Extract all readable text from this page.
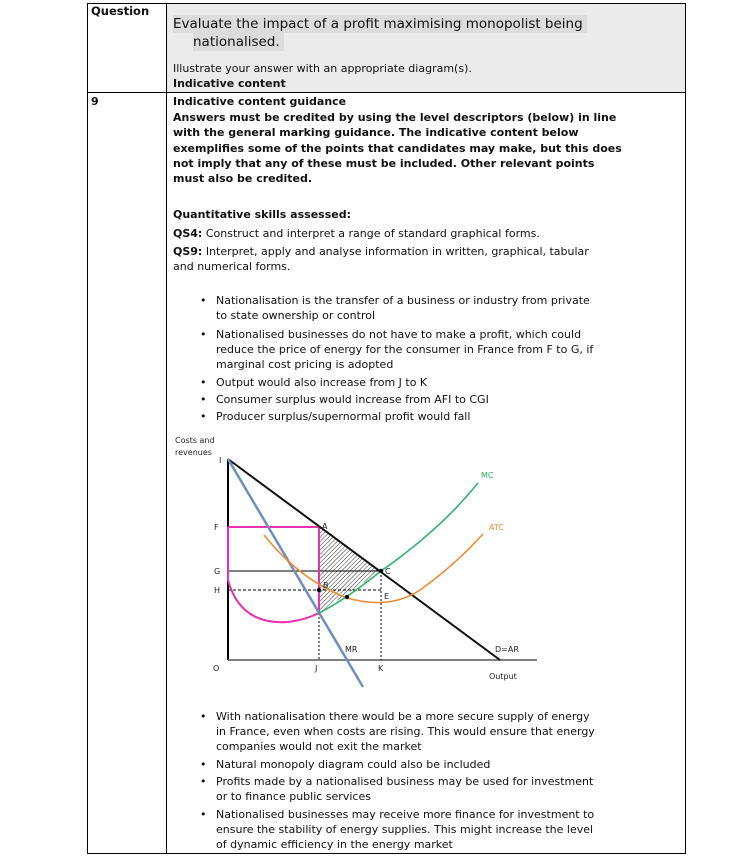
Question
Evaluate the impact of a profit maximising monopolist being
nationalised.
Illustrate your answer with an appropriate diagram(s).
Indicative content
9	Indicative content guidance
Answers must be credited by using the level descriptors (below) in line
with the general marking guidance. The indicative content below
exemplifies some of the points that candidates may make, but this does
not imply that any of these must be included. Other relevant points
must also be credited.
Quantitative skills assessed:
QS4: Construct and interpret a range of standard graphical forms.
QS9: Interpret, apply and analyse information in written, graphical, tabular
and numerical forms.
• Nationalisation is the transfer of a business or industry from private
to state ownership or control
• Nationalised businesses do not have to make a profit, which could
reduce the price of energy for the consumer in France from F to G, if
marginal cost pricing is adopted
• Output would also increase from J to K
• Consumer surplus would increase from AFI to CGI
• Producer surplus/supernormal profit would fall
• With nationalisation there would be a more secure supply of energy
in France, even when costs are rising. This would ensure that energy
companies would not exit the market
• Natural monopoly diagram could also be included
• Profits made by a nationalised business may be used for investment
or to finance public services
• Nationalised businesses may receive more finance for investment to
ensure the stability of energy supplies. This might increase the level
of dynamic efficiency in the energy market
Costs and
revenues
I
F
G
H
O	J	K
A
B
C
E
MC
ATC
MR	D=AR
Output
